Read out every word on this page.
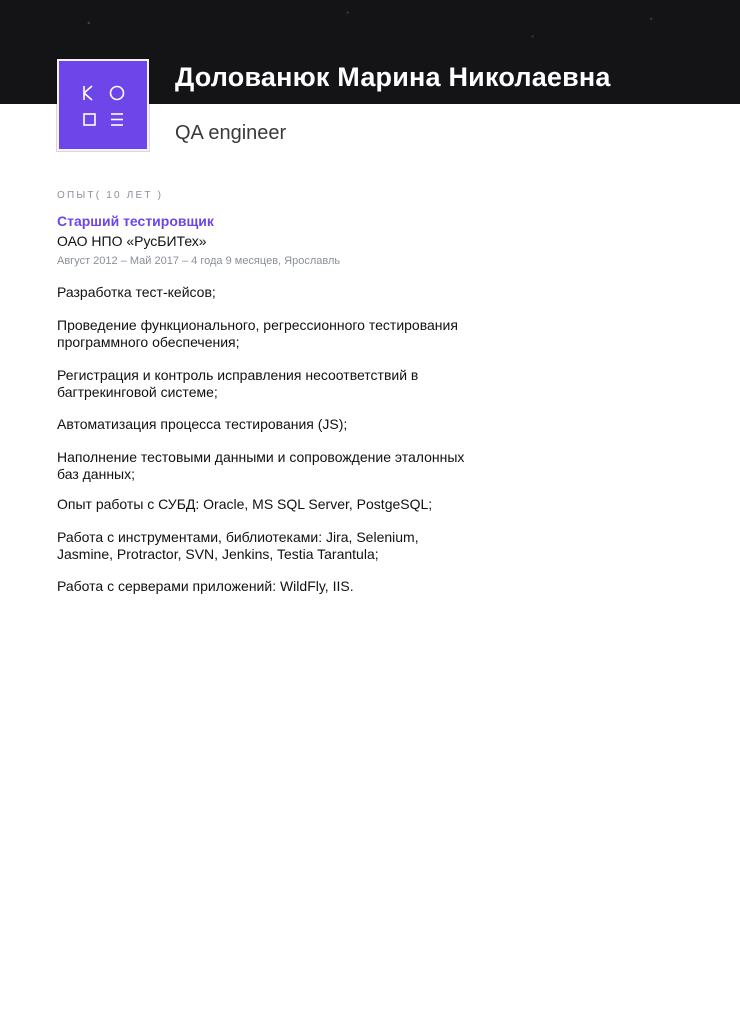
Долованюк Марина Николаевна
QA engineer
ОПЫТ( 10 ЛЕТ )
Старший тестировщик
ОАО НПО «РусБИТех»
Август 2012 – Май 2017 – 4 года 9 месяцев, Ярославль
Разработка тест-кейсов;
Проведение функционального, регрессионного тестирования
программного обеспечения;
Регистрация и контроль исправления несоответствий в
багтрекинговой системе;
Автоматизация процесса тестирования (JS);
Наполнение тестовыми данными и сопровождение эталонных
баз данных;
Опыт работы с СУБД: Oracle, MS SQL Server, PostgeSQL;
Работа с инструментами, библиотеками: Jira, Selenium,
Jasmine, Protractor, SVN, Jenkins, Testia Tarantula;
Работа с серверами приложений: WildFly, IIS.
